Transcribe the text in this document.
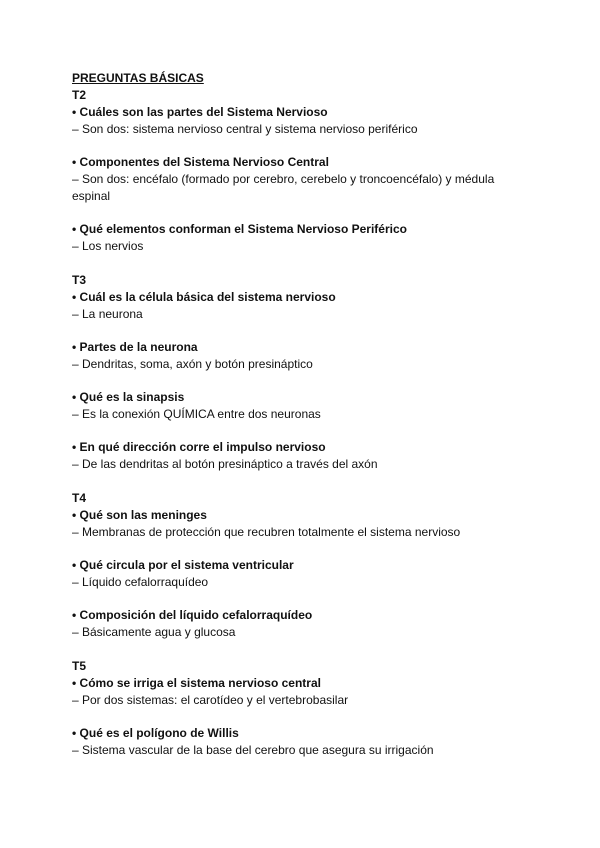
PREGUNTAS BÁSICAS

T2
• Cuáles son las partes del Sistema Nervioso
– Son dos: sistema nervioso central y sistema nervioso periférico
• Componentes del Sistema Nervioso Central
– Son dos: encéfalo (formado por cerebro, cerebelo y troncoencéfalo) y médula espinal
• Qué elementos conforman el Sistema Nervioso Periférico
– Los nervios
T3
• Cuál es la célula básica del sistema nervioso
– La neurona
• Partes de la neurona
– Dendritas, soma, axón y botón presináptico
• Qué es la sinapsis
– Es la conexión QUÍMICA entre dos neuronas
• En qué dirección corre el impulso nervioso
– De las dendritas al botón presináptico a través del axón
T4
• Qué son las meninges
– Membranas de protección que recubren totalmente el sistema nervioso
• Qué circula por el sistema ventricular
– Líquido cefalorraquídeo
• Composición del líquido cefalorraquídeo
– Básicamente agua y glucosa
T5
• Cómo se irriga el sistema nervioso central
– Por dos sistemas: el carotídeo y el vertebrobasilar
• Qué es el polígono de Willis
– Sistema vascular de la base del cerebro que asegura su irrigación
